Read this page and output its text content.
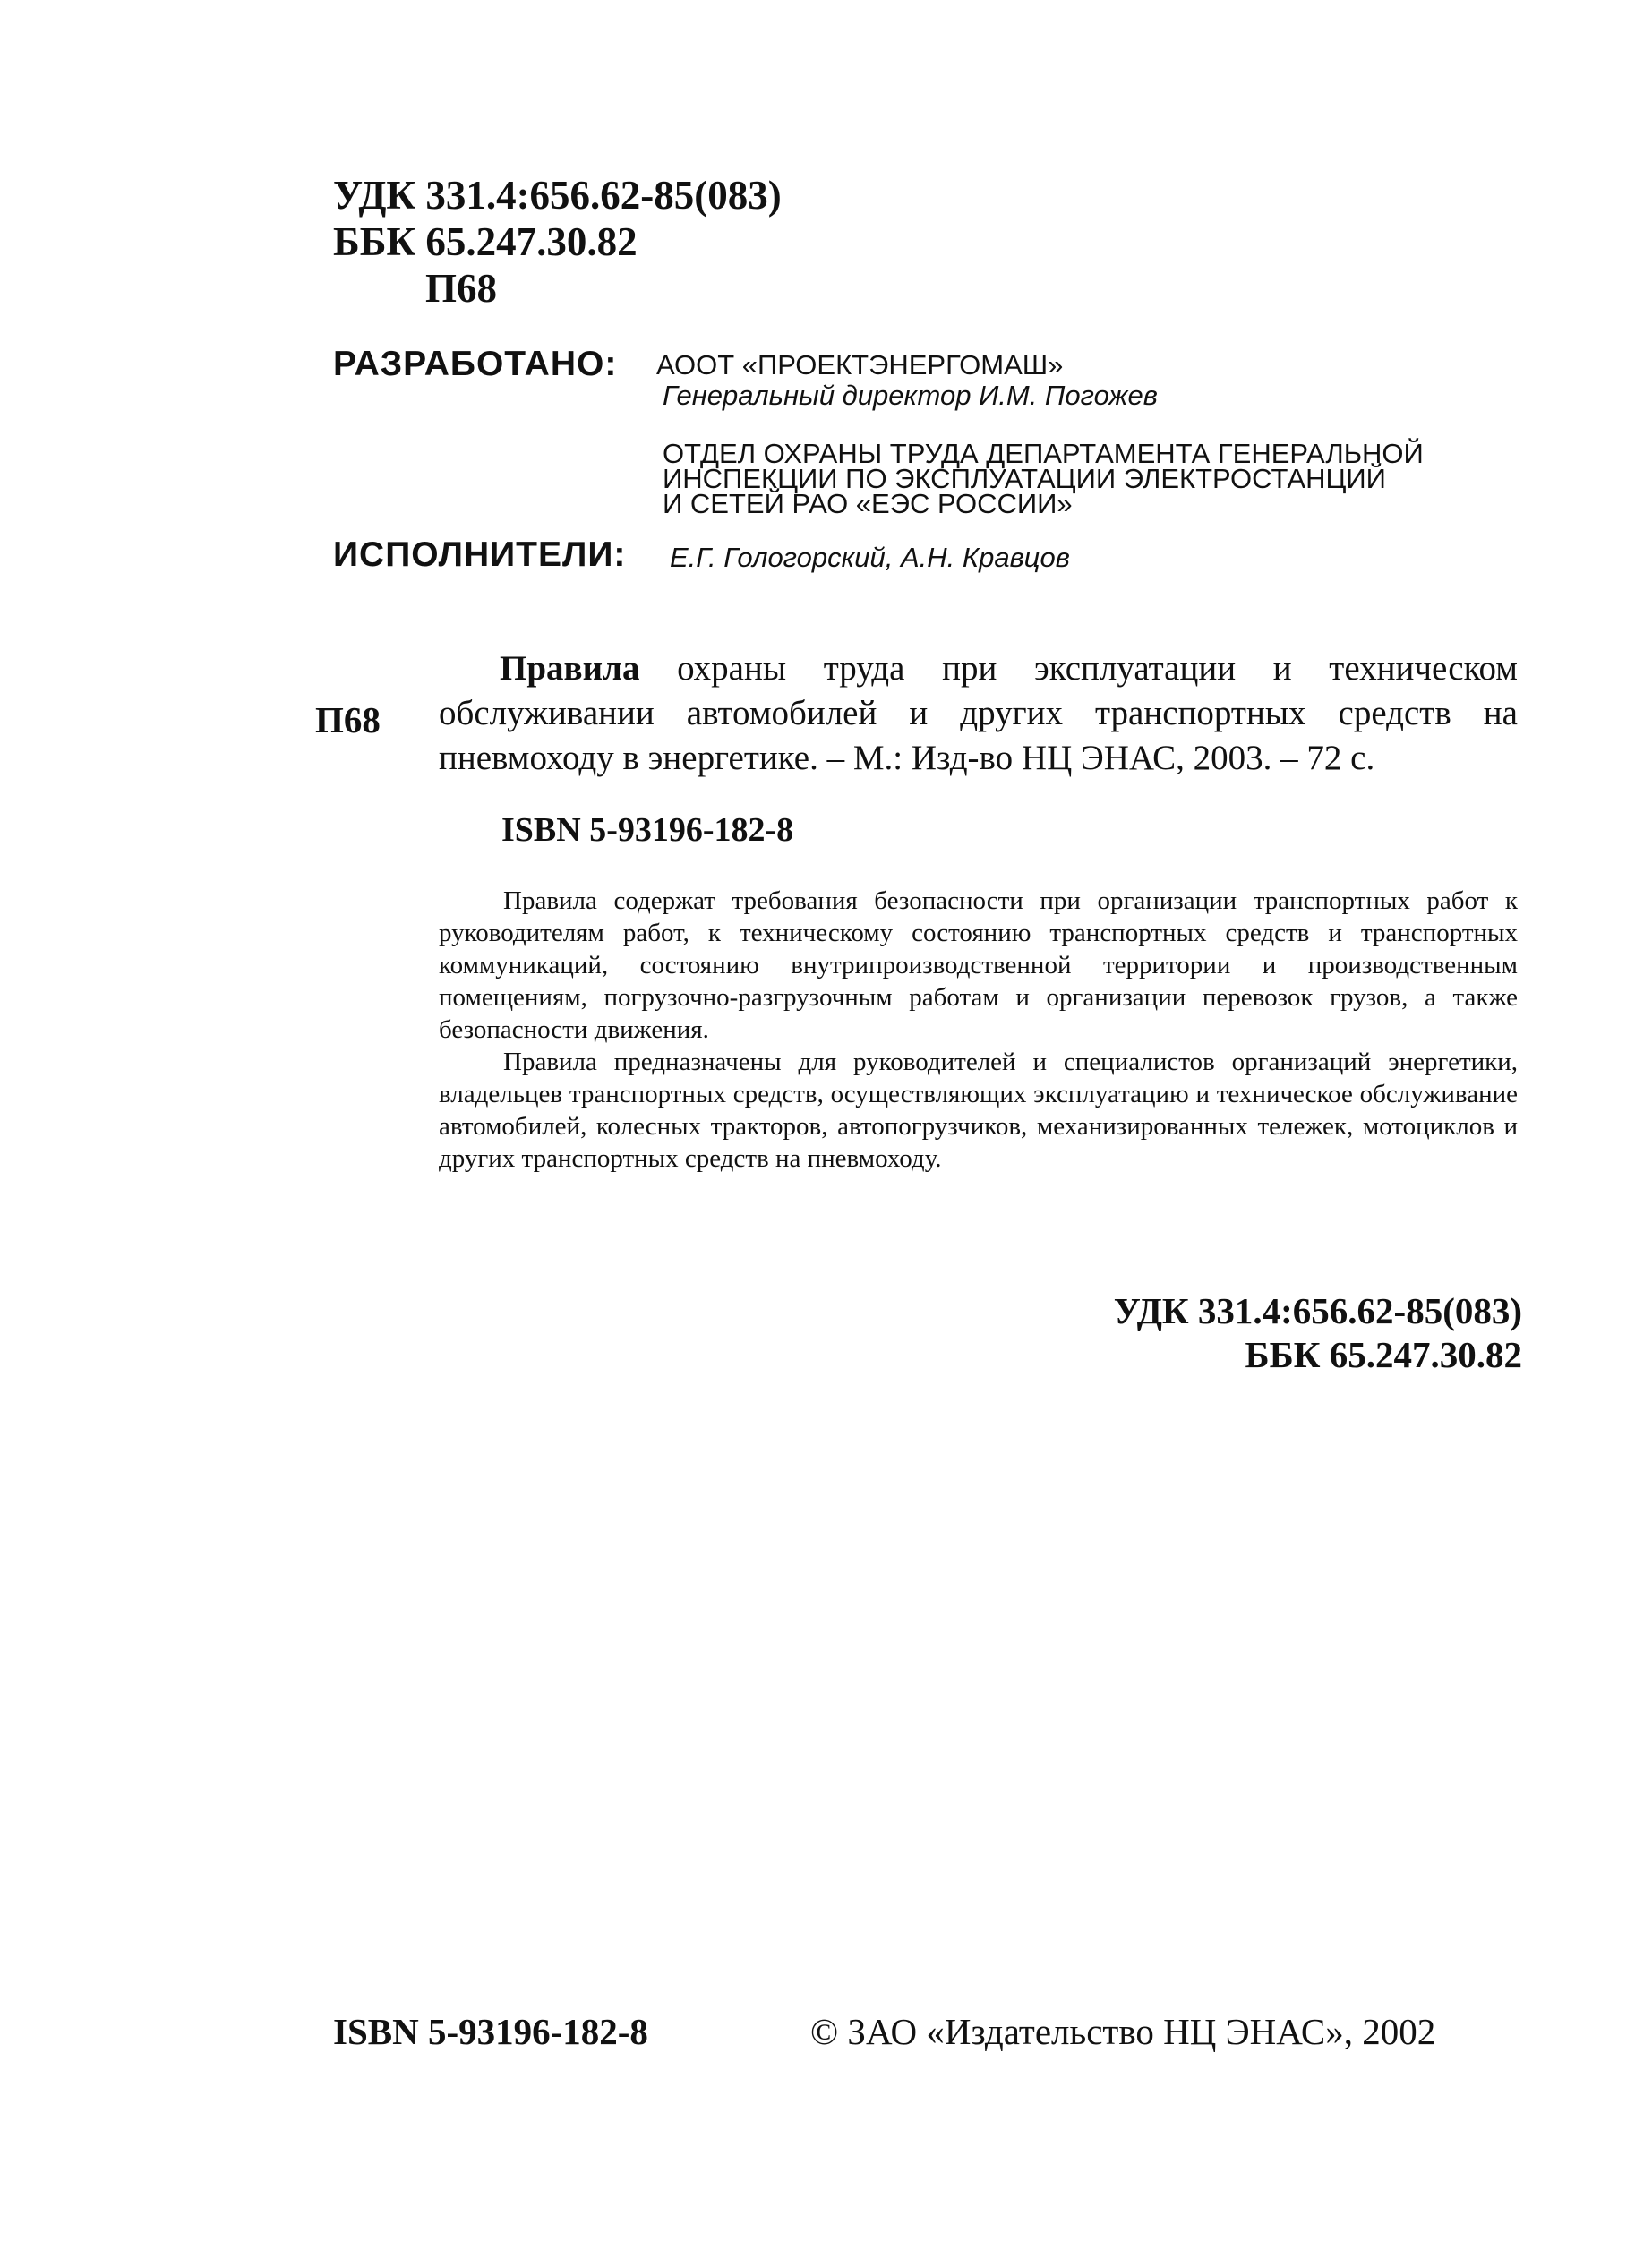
УДК 331.4:656.62-85(083)
ББК 65.247.30.82
П68
РАЗРАБОТАНО: АООТ «ПРОЕКТЭНЕРГОМАШ»
Генеральный директор И.М. Погожев
ОТДЕЛ ОХРАНЫ ТРУДА ДЕПАРТАМЕНТА ГЕНЕРАЛЬНОЙ
ИНСПЕКЦИИ ПО ЭКСПЛУАТАЦИИ ЭЛЕКТРОСТАНЦИЙ
И СЕТЕЙ РАО «ЕЭС РОССИИ»
ИСПОЛНИТЕЛИ: Е.Г. Гологорский, А.Н. Кравцов
П68
Правила охраны труда при эксплуатации и техническом обслуживании автомобилей и других транспортных средств на пневмоходу в энергетике. – М.: Изд-во НЦ ЭНАС, 2003. – 72 с.
ISBN 5-93196-182-8

Правила содержат требования безопасности при организации транспортных работ к руководителям работ, к техническому состоянию транспортных средств и транспортных коммуникаций, состоянию внутрипроизводственной территории и производственным помещениям, погрузочно-разгрузочным работам и организации перевозок грузов, а также безопасности движения.

Правила предназначены для руководителей и специалистов организаций энергетики, владельцев транспортных средств, осуществляющих эксплуатацию и техническое обслуживание автомобилей, колесных тракторов, автопогрузчиков, механизированных тележек, мотоциклов и других транспортных средств на пневмоходу.

УДК 331.4:656.62-85(083)
ББК 65.247.30.82
ISBN 5-93196-182-8	© ЗАО «Издательство НЦ ЭНАС», 2002
